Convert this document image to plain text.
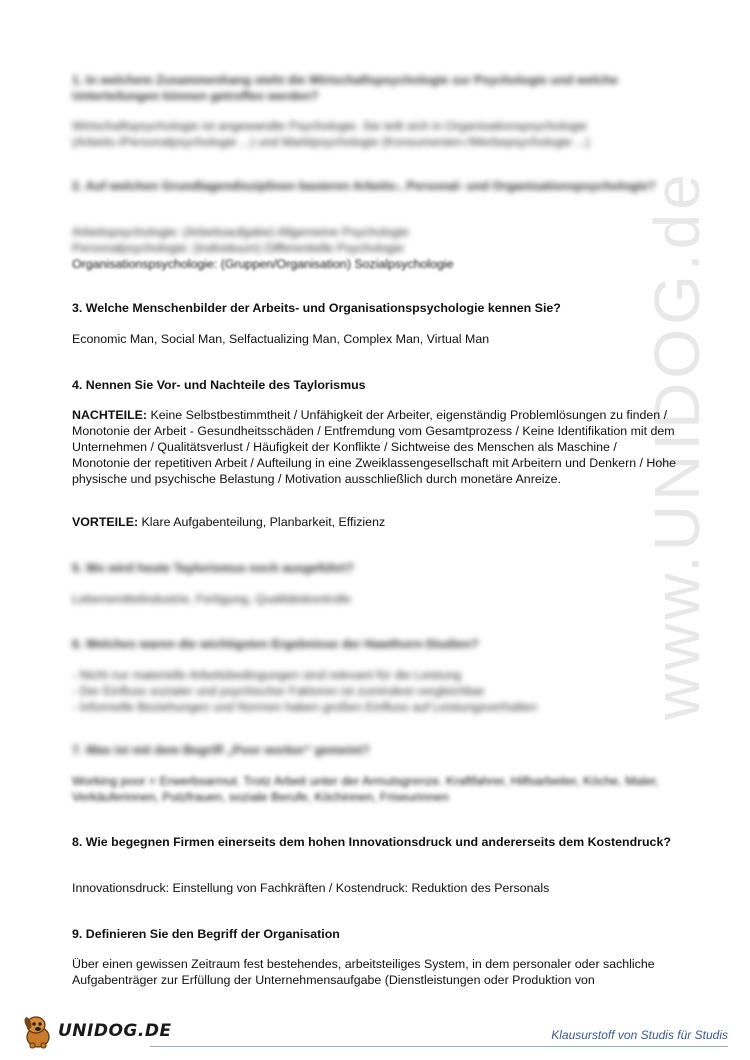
www.UNIDOG.de
1. In welchem Zusammenhang steht die Wirtschaftspsychologie zur Psychologie und welche Unterteilungen können getroffen werden?
Wirtschaftspsychologie ist angewandte Psychologie. Sie teilt sich in Organisationspsychologie (Arbeits-/Personalpsychologie ...) und Marktpsychologie (Konsumenten-/Werbepsychologie ...)
2. Auf welchen Grundlagendisziplinen basieren Arbeits-, Personal- und Organisationspsychologie?
Arbeitspsychologie: (Arbeitsaufgabe) Allgemeine Psychologie
Personalpsychologie: (Individuum) Differentielle Psychologie
Organisationspsychologie: (Gruppen/Organisation) Sozialpsychologie
3. Welche Menschenbilder der Arbeits- und Organisationspsychologie kennen Sie?
Economic Man, Social Man, Selfactualizing Man, Complex Man, Virtual Man
4. Nennen Sie Vor- und Nachteile des Taylorismus
NACHTEILE: Keine Selbstbestimmtheit / Unfähigkeit der Arbeiter, eigenständig Problemlösungen zu finden / Monotonie der Arbeit - Gesundheitsschäden / Entfremdung vom Gesamtprozess / Keine Identifikation mit dem Unternehmen / Qualitätsverlust / Häufigkeit der Konflikte / Sichtweise des Menschen als Maschine / Monotonie der repetitiven Arbeit / Aufteilung in eine Zweiklassengesellschaft mit Arbeitern und Denkern / Hohe physische und psychische Belastung / Motivation ausschließlich durch monetäre Anreize.
VORTEILE: Klare Aufgabenteilung, Planbarkeit, Effizienz
5. Wo wird heute Taylorismus noch ausgeführt?
Lebensmittelindustrie, Fertigung, Qualitätskontrolle
6. Welches waren die wichtigsten Ergebnisse der Hawthorn-Studien?
- Nicht nur materielle Arbeitsbedingungen sind relevant für die Leistung
- Der Einfluss sozialer und psychischer Faktoren ist zumindest vergleichbar
- Informelle Beziehungen und Normen haben großen Einfluss auf Leistungsverhalten
7. Was ist mit dem Begriff „Poor worker“ gemeint?
Working poor = Erwerbsarmut. Trotz Arbeit unter der Armutsgrenze. Kraftfahrer, Hilfsarbeiter, Köche, Maler, Verkäuferinnen, Putzfrauen, soziale Berufe, Köchinnen, Friseurinnen
8. Wie begegnen Firmen einerseits dem hohen Innovationsdruck und andererseits dem Kostendruck?
Innovationsdruck: Einstellung von Fachkräften / Kostendruck: Reduktion des Personals
9. Definieren Sie den Begriff der Organisation
Über einen gewissen Zeitraum fest bestehendes, arbeitsteiliges System, in dem personaler oder sachliche Aufgabenträger zur Erfüllung der Unternehmensaufgabe (Dienstleistungen oder Produktion von
UNIDOG.DE	Klausurstoff von Studis für Studis
